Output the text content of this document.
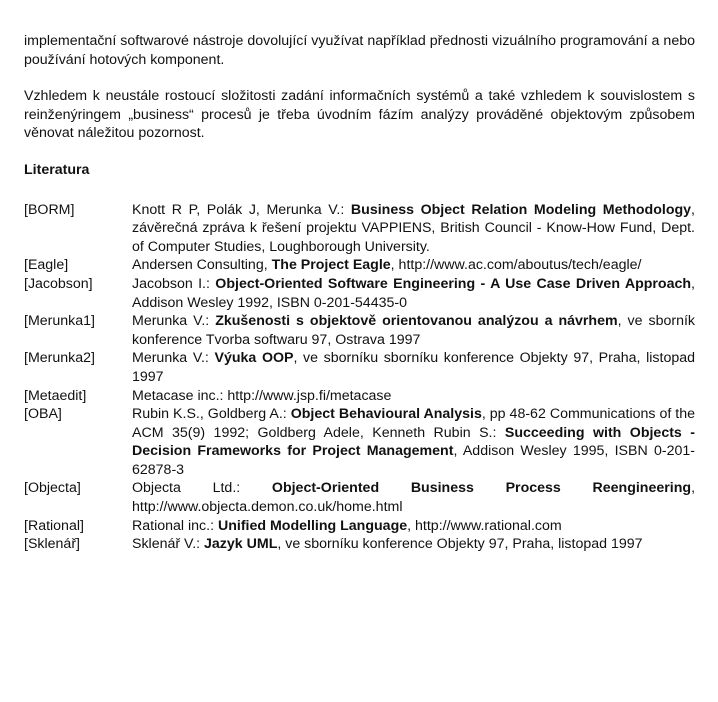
implementační softwarové nástroje dovolující využívat například přednosti vizuálního programování a nebo používání hotových komponent.

Vzhledem k neustále rostoucí složitosti zadání informačních systémů a také vzhledem k souvislostem s reinženýringem „business“ procesů je třeba úvodním fázím analýzy prováděné objektovým způsobem věnovat náležitou pozornost.

Literatura
[BORM]	Knott R P, Polák J, Merunka V.: Business Object Relation Modeling Methodology, závěrečná zpráva k řešení projektu VAPPIENS, British Council - Know-How Fund, Dept. of Computer Studies, Loughborough University.
[Eagle]	Andersen Consulting, The Project Eagle, http://www.ac.com/aboutus/tech/eagle/
[Jacobson]	Jacobson I.: Object-Oriented Software Engineering - A Use Case Driven Approach, Addison Wesley 1992, ISBN 0-201-54435-0
[Merunka1]	Merunka V.: Zkušenosti s objektově orientovanou analýzou a návrhem, ve sborník konference Tvorba softwaru 97, Ostrava 1997
[Merunka2]	Merunka V.: Výuka OOP, ve sborníku sborníku konference Objekty 97, Praha, listopad 1997
[Metaedit]	Metacase inc.: http://www.jsp.fi/metacase
[OBA]	Rubin K.S., Goldberg A.: Object Behavioural Analysis, pp 48-62 Communications of the ACM 35(9) 1992; Goldberg Adele, Kenneth Rubin S.: Succeeding with Objects - Decision Frameworks for Project Management, Addison Wesley 1995, ISBN 0-201-62878-3
[Objecta]	Objecta Ltd.: Object-Oriented Business Process Reengineering, http://www.objecta.demon.co.uk/home.html
[Rational]	Rational inc.: Unified Modelling Language, http://www.rational.com
[Sklenář]	Sklenář V.: Jazyk UML, ve sborníku konference Objekty 97, Praha, listopad 1997
